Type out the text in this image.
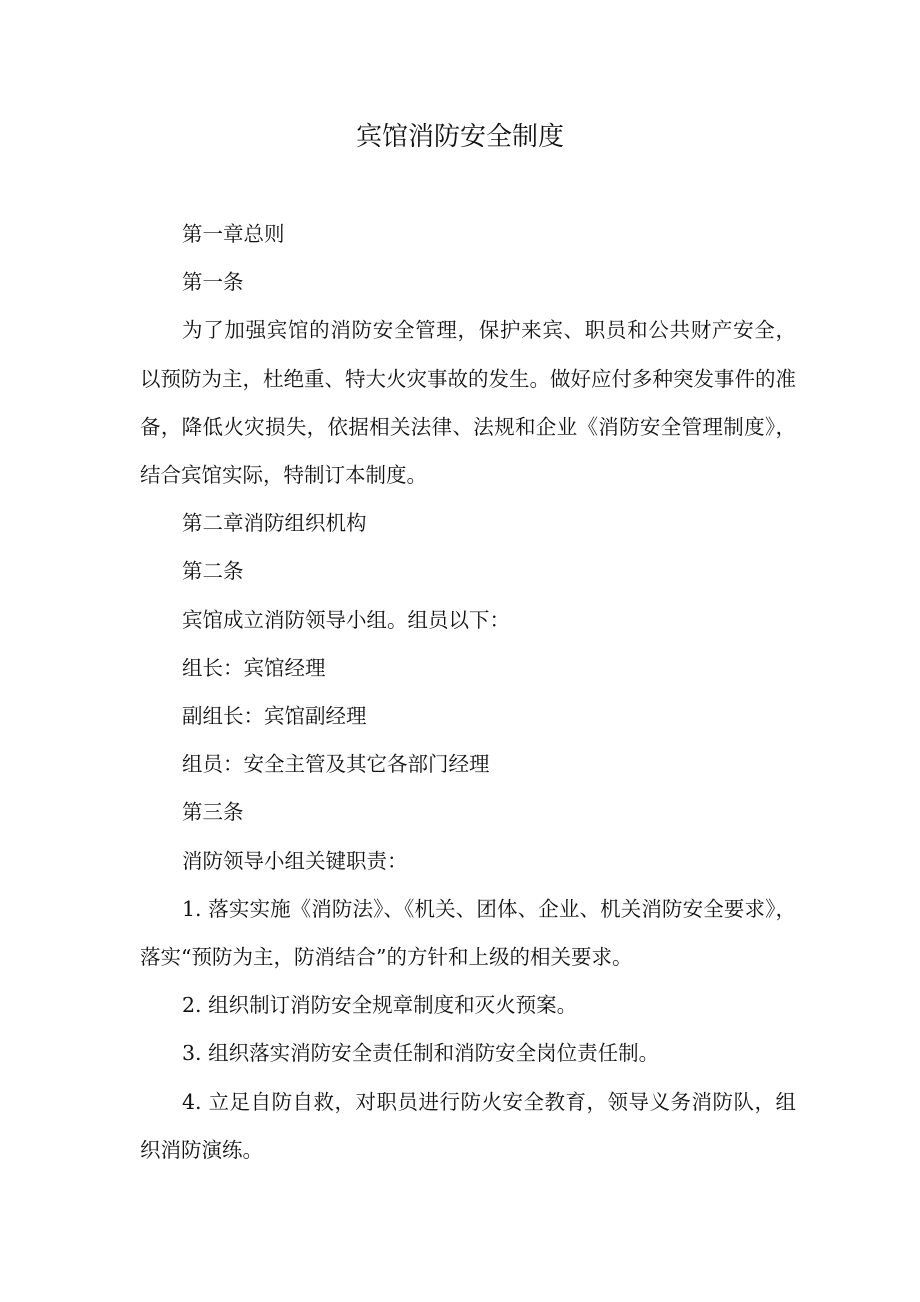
宾馆消防安全制度

第一章总则

第一条

为了加强宾馆的消防安全管理，保护来宾、职员和公共财产安全，以预防为主，杜绝重、特大火灾事故的发生。做好应付多种突发事件的准备，降低火灾损失，依据相关法律、法规和企业《消防安全管理制度》，结合宾馆实际，特制订本制度。

第二章消防组织机构

第二条

宾馆成立消防领导小组。组员以下：

组长：宾馆经理

副组长：宾馆副经理

组员：安全主管及其它各部门经理

第三条

消防领导小组关键职责：

1. 落实实施《消防法》、《机关、团体、企业、机关消防安全要求》，落实“预防为主，防消结合”的方针和上级的相关要求。

2. 组织制订消防安全规章制度和灭火预案。

3. 组织落实消防安全责任制和消防安全岗位责任制。

4. 立足自防自救，对职员进行防火安全教育，领导义务消防队，组织消防演练。
